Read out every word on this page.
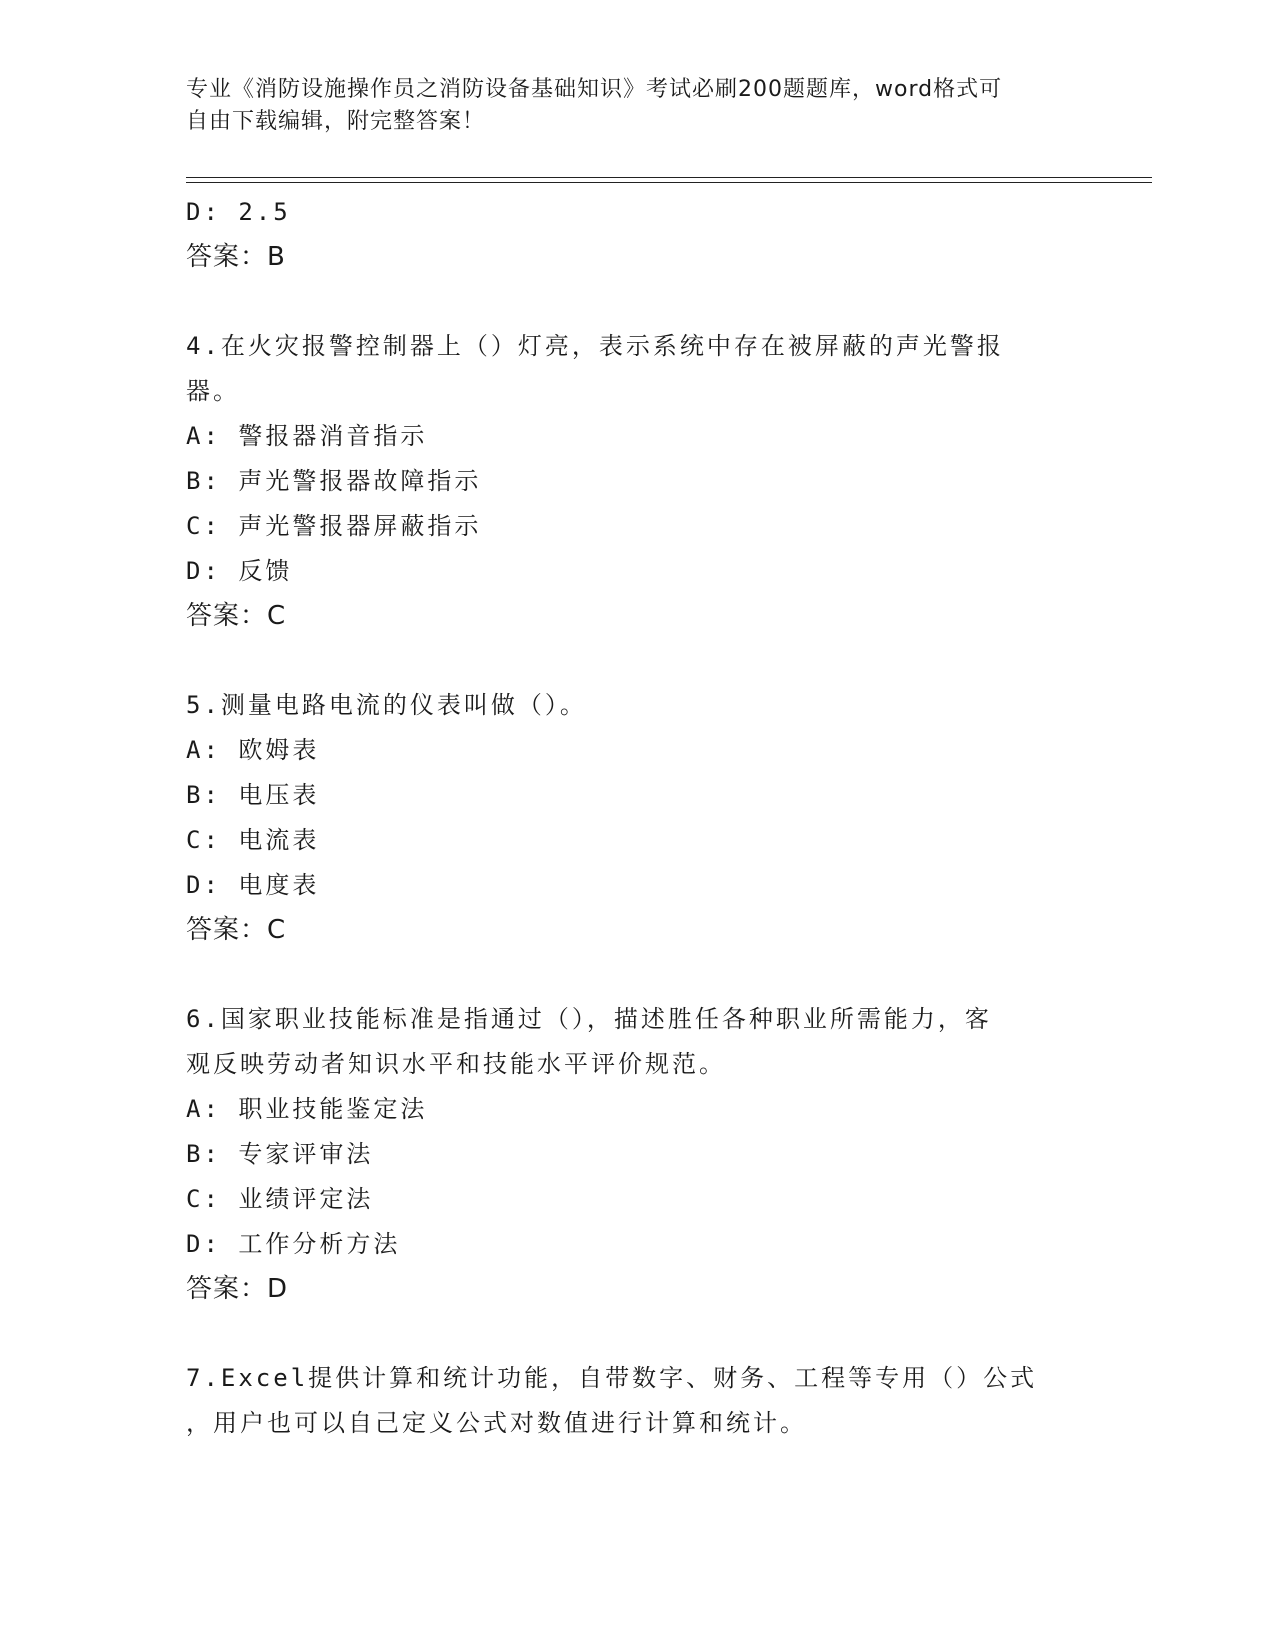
专业《消防设施操作员之消防设备基础知识》考试必刷200题题库，word格式可
自由下载编辑，附完整答案！
D: 2.5
答案：B
4.在火灾报警控制器上（）灯亮，表示系统中存在被屏蔽的声光警报
器。
A: 警报器消音指示
B: 声光警报器故障指示
C: 声光警报器屏蔽指示
D: 反馈
答案：C
5.测量电路电流的仪表叫做（）。
A: 欧姆表
B: 电压表
C: 电流表
D: 电度表
答案：C
6.国家职业技能标准是指通过（），描述胜任各种职业所需能力，客
观反映劳动者知识水平和技能水平评价规范。
A: 职业技能鉴定法
B: 专家评审法
C: 业绩评定法
D: 工作分析方法
答案：D
7.Excel提供计算和统计功能，自带数字、财务、工程等专用（）公式
，用户也可以自己定义公式对数值进行计算和统计。
